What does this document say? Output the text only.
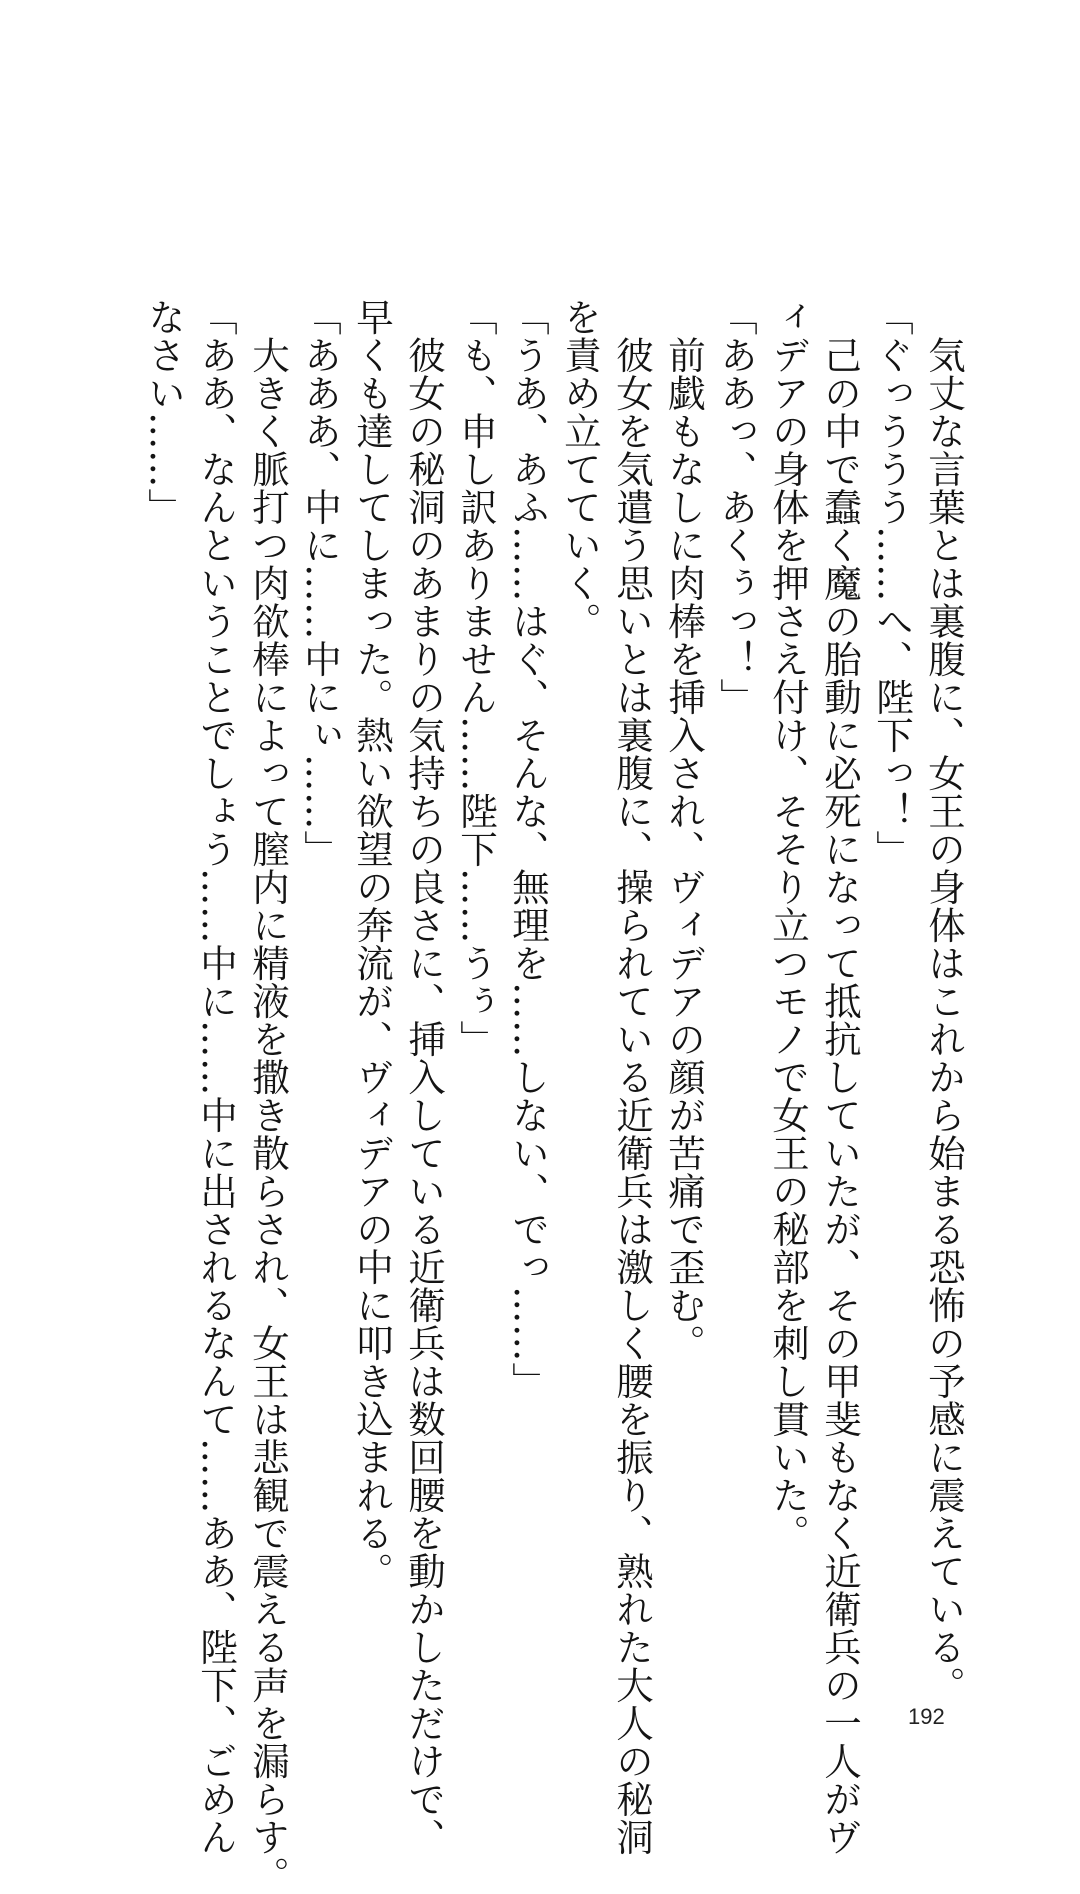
　気丈な言葉とは裏腹に、女王の身体はこれから始まる恐怖の予感に震えている。
「ぐっううう……へ、陛下っ！」
　己の中で蠢く魔の胎動に必死になって抵抗していたが、その甲斐もなく近衛兵の一人がヴ
ィデアの身体を押さえ付け、そそり立つモノで女王の秘部を刺し貫いた。
「ああっ、あくぅっ！」
　前戯もなしに肉棒を挿入され、ヴィデアの顔が苦痛で歪む。
　彼女を気遣う思いとは裏腹に、操られている近衛兵は激しく腰を振り、熟れた大人の秘洞
を責め立てていく。
「うあ、あふ……はぐ、そんな、無理を……しない、でっ……」
「も、申し訳ありません……陛下……うぅ」
　彼女の秘洞のあまりの気持ちの良さに、挿入している近衛兵は数回腰を動かしただけで、
早くも達してしまった。熱い欲望の奔流が、ヴィデアの中に叩き込まれる。
「あああ、中に……中にぃ……」
　大きく脈打つ肉欲棒によって膣内に精液を撒き散らされ、女王は悲観で震える声を漏らす。
「ああ、なんということでしょう……中に……中に出されるなんて……ああ、陛下、ごめん
なさい……」
192
